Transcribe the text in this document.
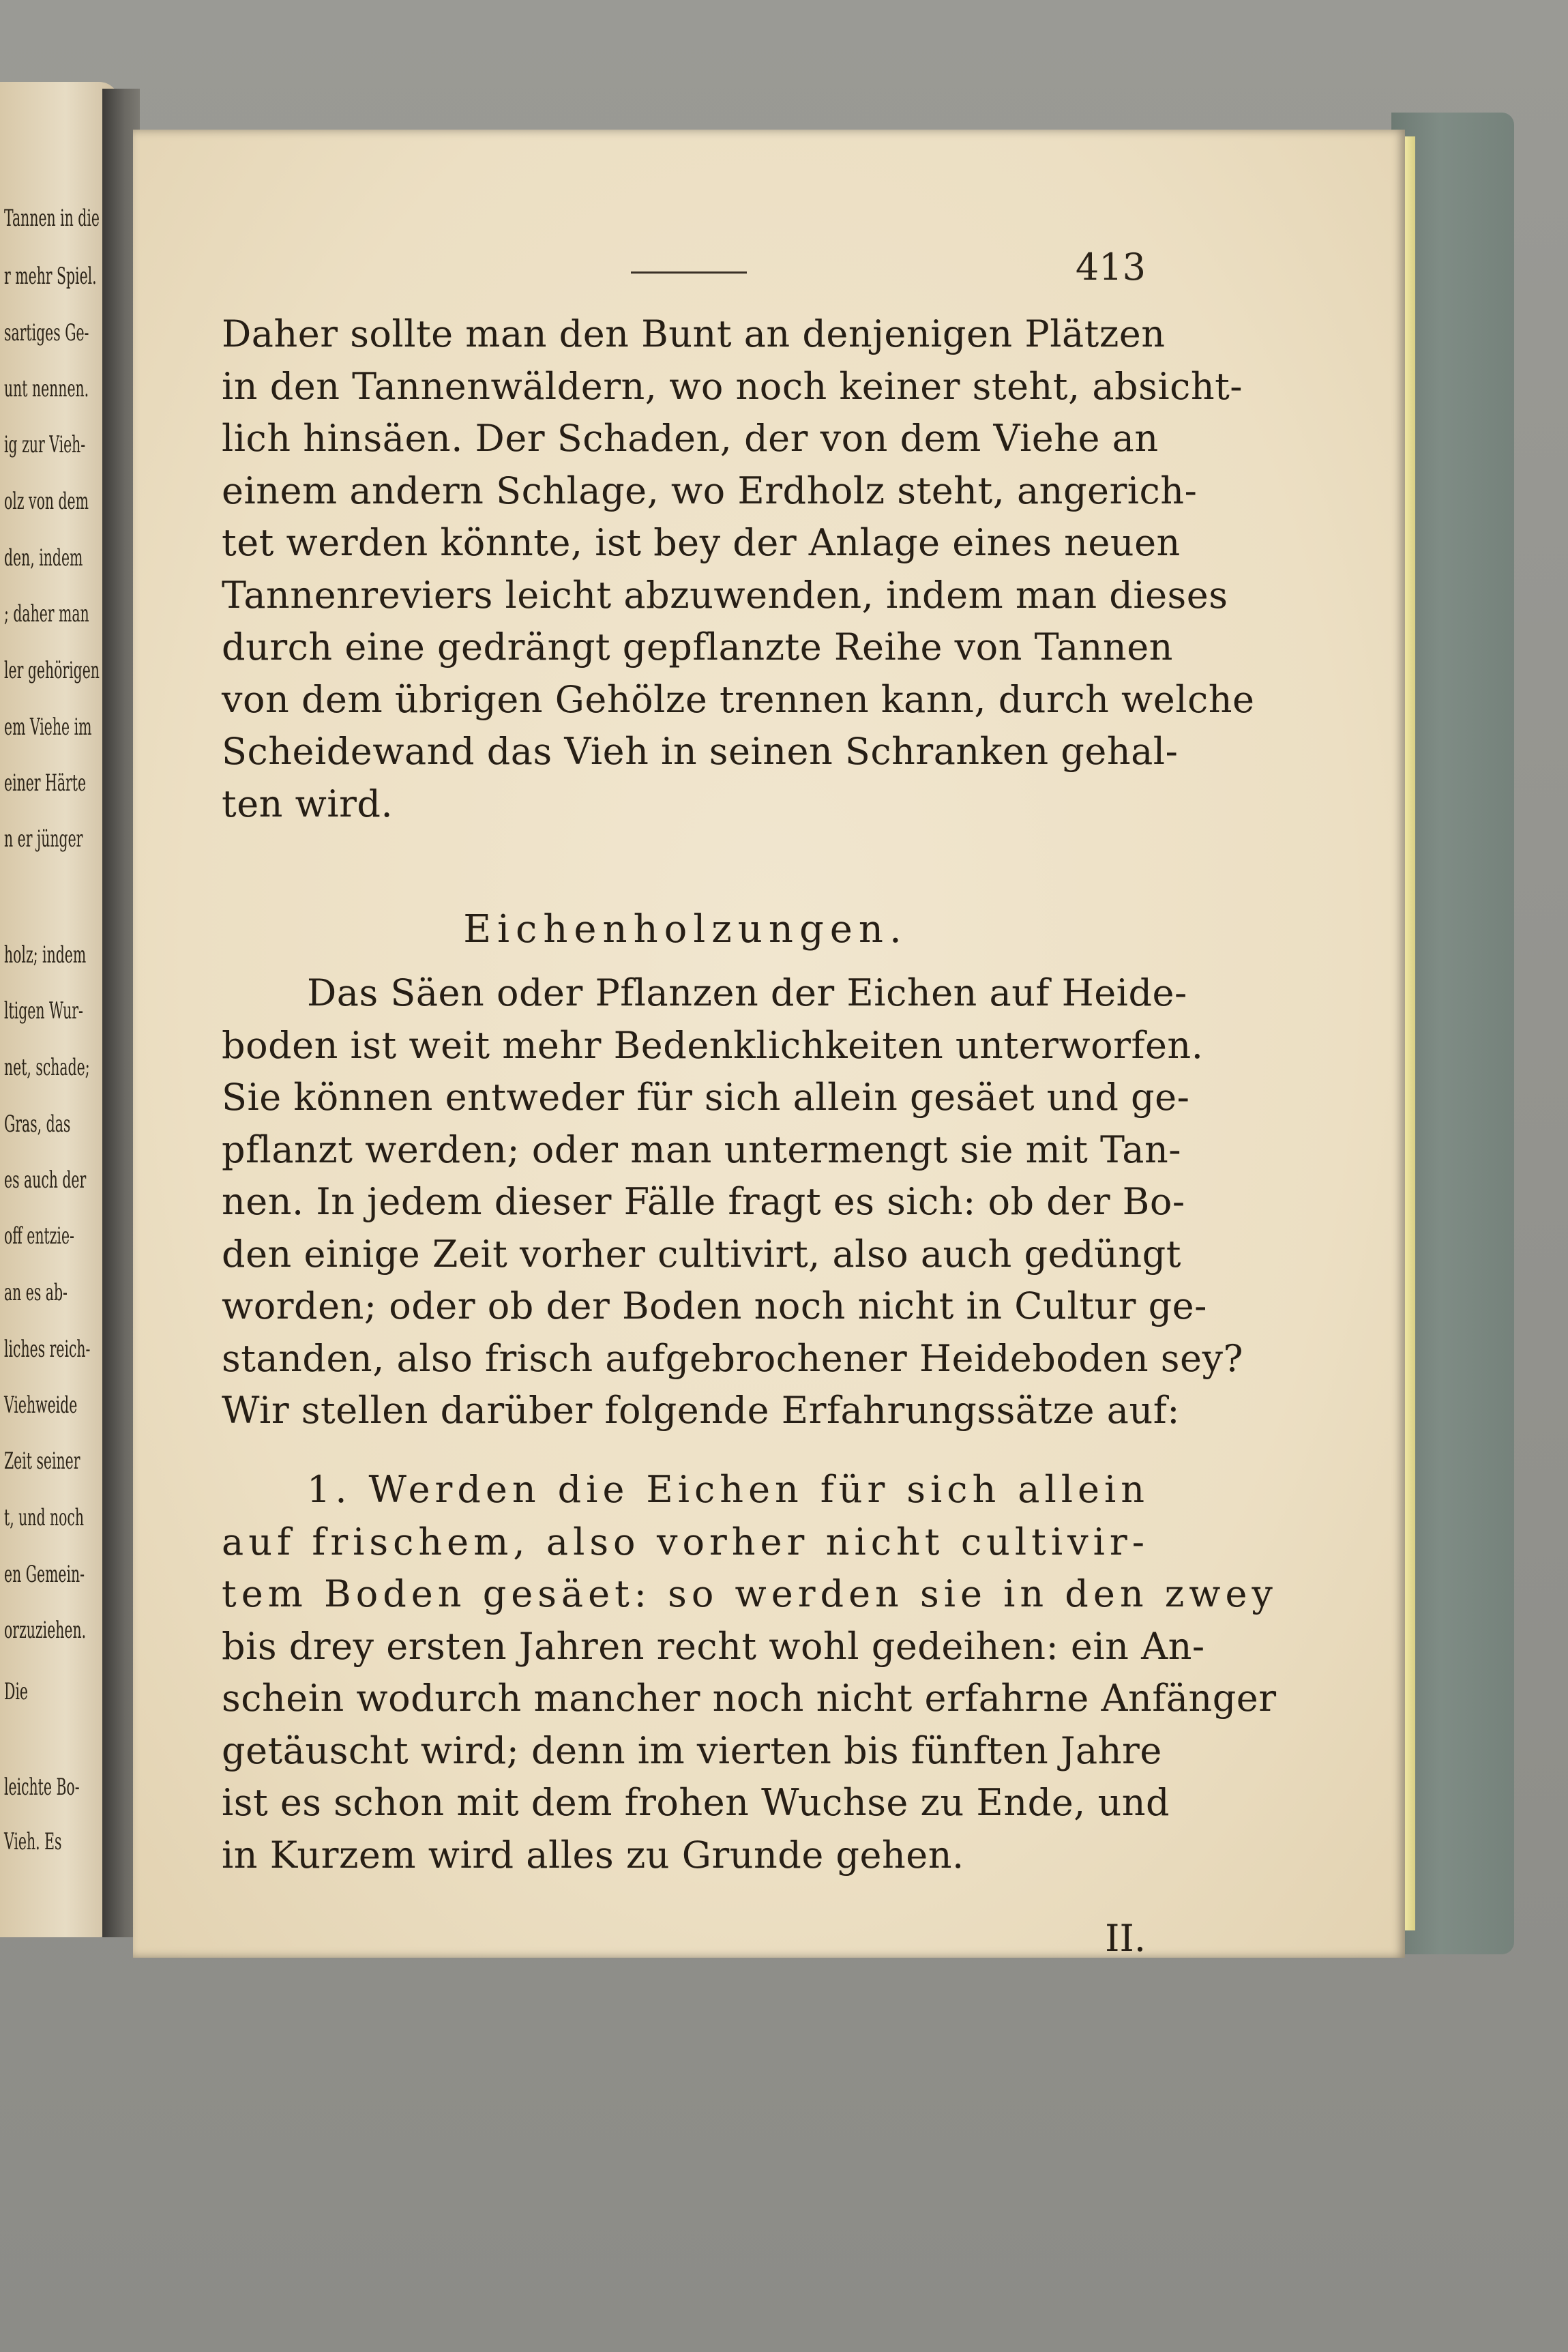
Tannen in die
r mehr Spiel.
sartiges Ge-
unt nennen.
ig zur Vieh-
olz von dem
den, indem
; daher man
ler gehörigen
em Viehe im
einer Härte
n er jünger
holz; indem
ltigen Wur-
net, schade;
Gras, das
es auch der
off entzie-
an es ab-
liches reich-
Viehweide
Zeit seiner
t, und noch
en Gemein-
orzuziehen.
Die
leichte Bo-
Vieh. Es
413
Daher sollte man den Bunt an denjenigen Plätzen
in den Tannenwäldern, wo noch keiner steht, absicht-
lich hinsäen. Der Schaden, der von dem Viehe an
einem andern Schlage, wo Erdholz steht, angerich-
tet werden könnte, ist bey der Anlage eines neuen
Tannenreviers leicht abzuwenden, indem man dieses
durch eine gedrängt gepflanzte Reihe von Tannen
von dem übrigen Gehölze trennen kann, durch welche
Scheidewand das Vieh in seinen Schranken gehal-
ten wird.
Eichenholzungen.
Das Säen oder Pflanzen der Eichen auf Heide-
boden ist weit mehr Bedenklichkeiten unterworfen.
Sie können entweder für sich allein gesäet und ge-
pflanzt werden; oder man untermengt sie mit Tan-
nen. In jedem dieser Fälle fragt es sich: ob der Bo-
den einige Zeit vorher cultivirt, also auch gedüngt
worden; oder ob der Boden noch nicht in Cultur ge-
standen, also frisch aufgebrochener Heideboden sey?
Wir stellen darüber folgende Erfahrungssätze auf:
1. Werden die Eichen für sich allein
auf frischem, also vorher nicht cultivir-
tem Boden gesäet: so werden sie in den zwey
bis drey ersten Jahren recht wohl gedeihen: ein An-
schein wodurch mancher noch nicht erfahrne Anfänger
getäuscht wird; denn im vierten bis fünften Jahre
ist es schon mit dem frohen Wuchse zu Ende, und
in Kurzem wird alles zu Grunde gehen.
II.
